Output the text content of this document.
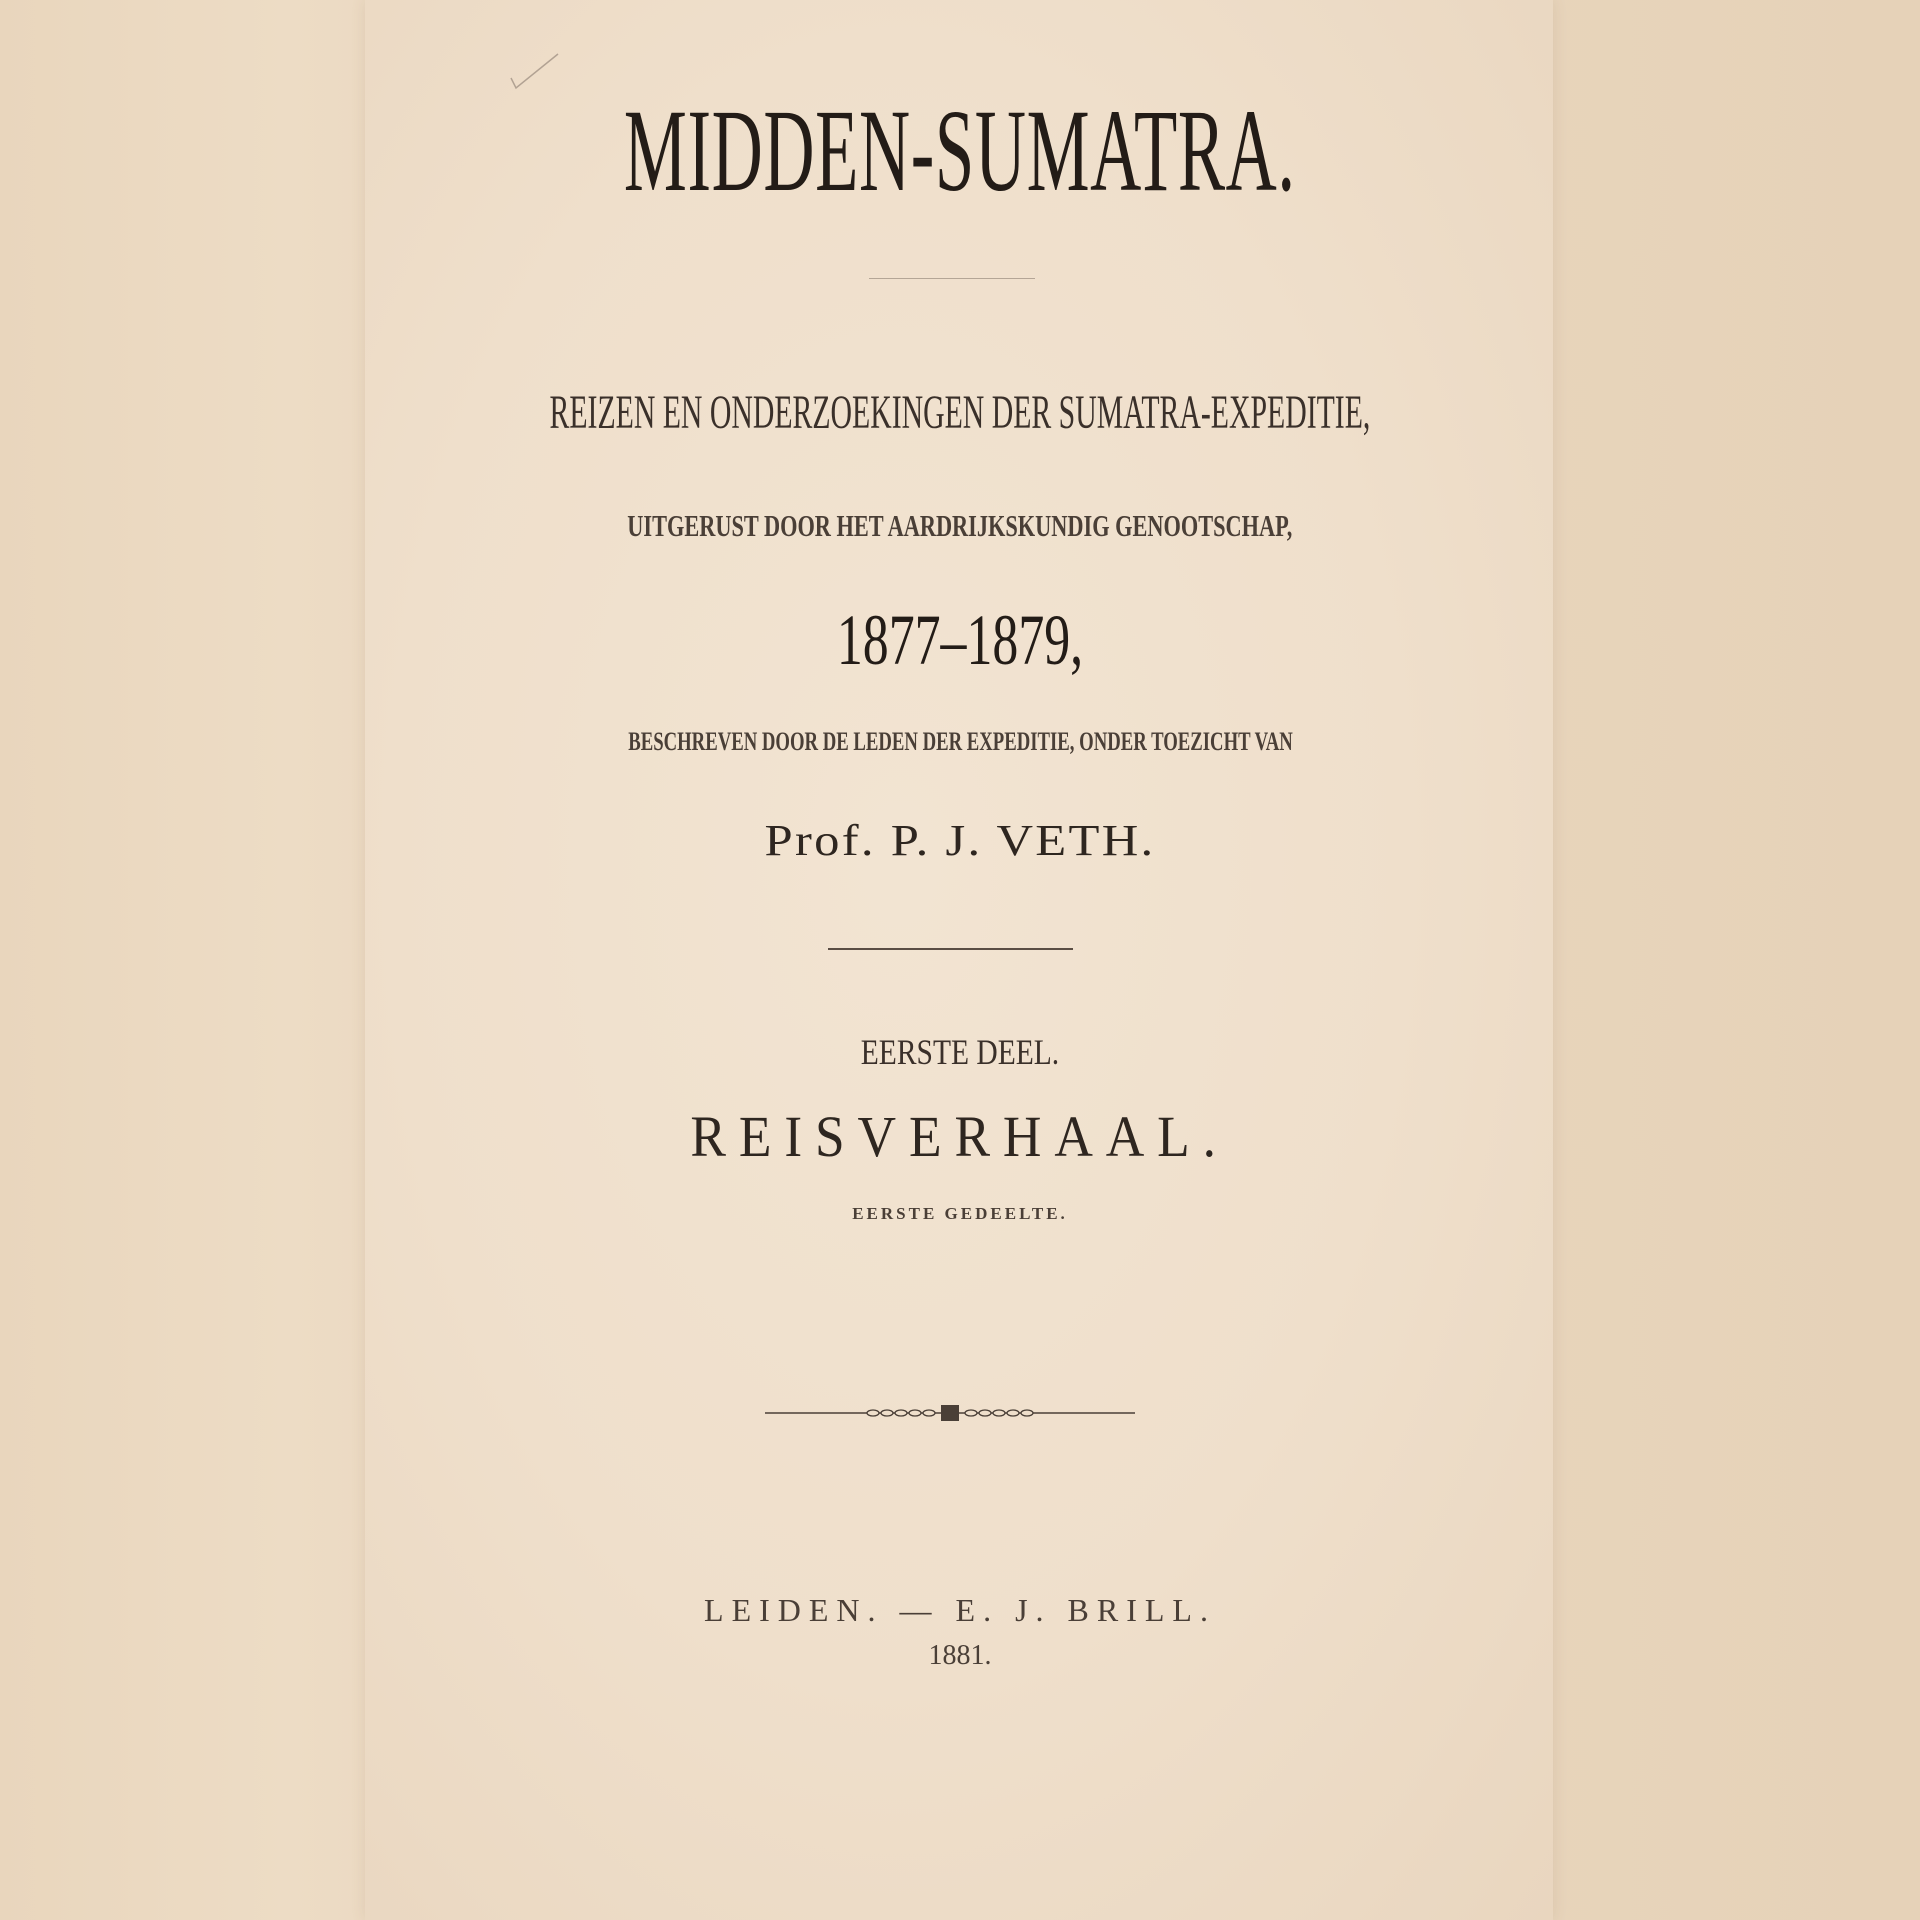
MIDDEN-SUMATRA.
REIZEN EN ONDERZOEKINGEN DER SUMATRA-EXPEDITIE,
UITGERUST DOOR HET AARDRIJKSKUNDIG GENOOTSCHAP,
1877–1879,
BESCHREVEN DOOR DE LEDEN DER EXPEDITIE, ONDER TOEZICHT VAN
Prof. P. J. VETH.
EERSTE DEEL.
REISVERHAAL.
EERSTE GEDEELTE.
LEIDEN. — E. J. BRILL.
1881.
